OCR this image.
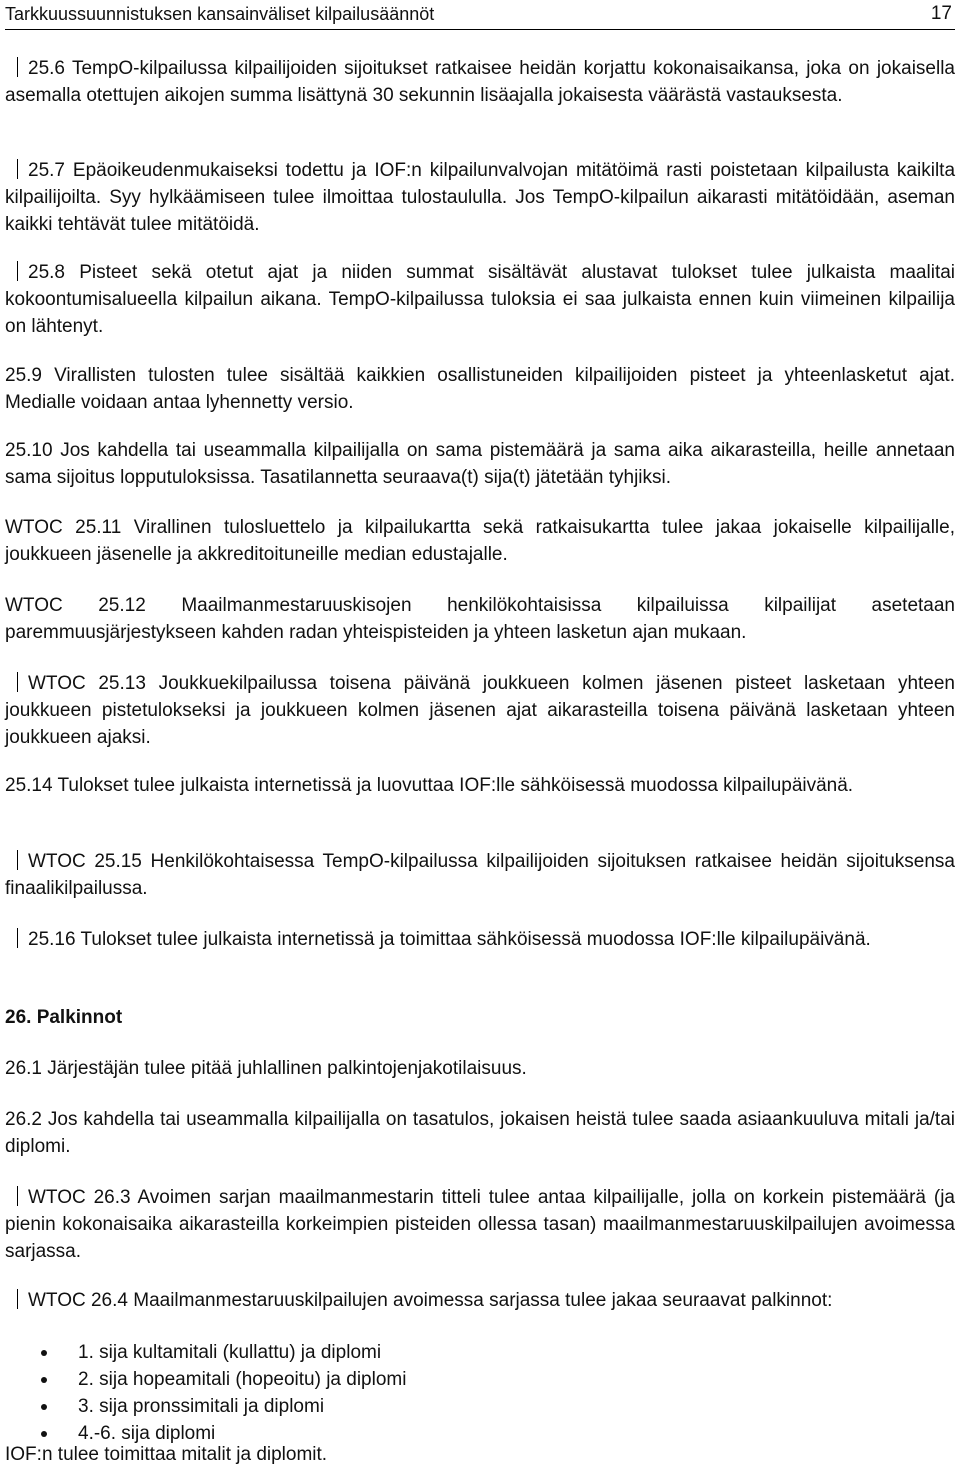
Tarkkuussuunnistuksen kansainväliset kilpailusäännöt	17

25.6 TempO-kilpailussa kilpailijoiden sijoitukset ratkaisee heidän korjattu kokonaisaikansa, joka on jokaisella asemalla otettujen aikojen summa lisättynä 30 sekunnin lisäajalla jokaisesta väärästä vastauksesta.

25.7 Epäoikeudenmukaiseksi todettu ja IOF:n kilpailunvalvojan mitätöimä rasti poistetaan kilpailusta kaikilta kilpailijoilta. Syy hylkäämiseen tulee ilmoittaa tulostaululla. Jos TempO-kilpailun aikarasti mitätöidään, aseman kaikki tehtävät tulee mitätöidä.

25.8 Pisteet sekä otetut ajat ja niiden summat sisältävät alustavat tulokset tulee julkaista maalitai kokoontumisalueella kilpailun aikana. TempO-kilpailussa tuloksia ei saa julkaista ennen kuin viimeinen kilpailija on lähtenyt.

25.9 Virallisten tulosten tulee sisältää kaikkien osallistuneiden kilpailijoiden pisteet ja yhteenlasketut ajat. Medialle voidaan antaa lyhennetty versio.

25.10 Jos kahdella tai useammalla kilpailijalla on sama pistemäärä ja sama aika aikarasteilla, heille annetaan sama sijoitus lopputuloksissa. Tasatilannetta seuraava(t) sija(t) jätetään tyhjiksi.

WTOC 25.11 Virallinen tulosluettelo ja kilpailukartta sekä ratkaisukartta tulee jakaa jokaiselle kilpailijalle, joukkueen jäsenelle ja akkreditoituneille median edustajalle.

WTOC 25.12 Maailmanmestaruuskisojen henkilökohtaisissa kilpailuissa kilpailijat asetetaan paremmuusjärjestykseen kahden radan yhteispisteiden ja yhteen lasketun ajan mukaan.

WTOC 25.13 Joukkuekilpailussa toisena päivänä joukkueen kolmen jäsenen pisteet lasketaan yhteen joukkueen pistetulokseksi ja joukkueen kolmen jäsenen ajat aikarasteilla toisena päivänä lasketaan yhteen joukkueen ajaksi.

25.14 Tulokset tulee julkaista internetissä ja luovuttaa IOF:lle sähköisessä muodossa kilpailupäivänä.

WTOC 25.15 Henkilökohtaisessa TempO-kilpailussa kilpailijoiden sijoituksen ratkaisee heidän sijoituksensa finaalikilpailussa.

25.16 Tulokset tulee julkaista internetissä ja toimittaa sähköisessä muodossa IOF:lle kilpailupäivänä.

26. Palkinnot

26.1 Järjestäjän tulee pitää juhlallinen palkintojenjakotilaisuus.

26.2 Jos kahdella tai useammalla kilpailijalla on tasatulos, jokaisen heistä tulee saada asiaankuuluva mitali ja/tai diplomi.

WTOC 26.3 Avoimen sarjan maailmanmestarin titteli tulee antaa kilpailijalle, jolla on korkein pistemäärä (ja pienin kokonaisaika aikarasteilla korkeimpien pisteiden ollessa tasan) maailmanmestaruuskilpailujen avoimessa sarjassa.

WTOC 26.4 Maailmanmestaruuskilpailujen avoimessa sarjassa tulee jakaa seuraavat palkinnot:

1. sija kultamitali (kullattu) ja diplomi
2. sija hopeamitali (hopeoitu) ja diplomi
3. sija pronssimitali ja diplomi
4.-6. sija diplomi

IOF:n tulee toimittaa mitalit ja diplomit.
